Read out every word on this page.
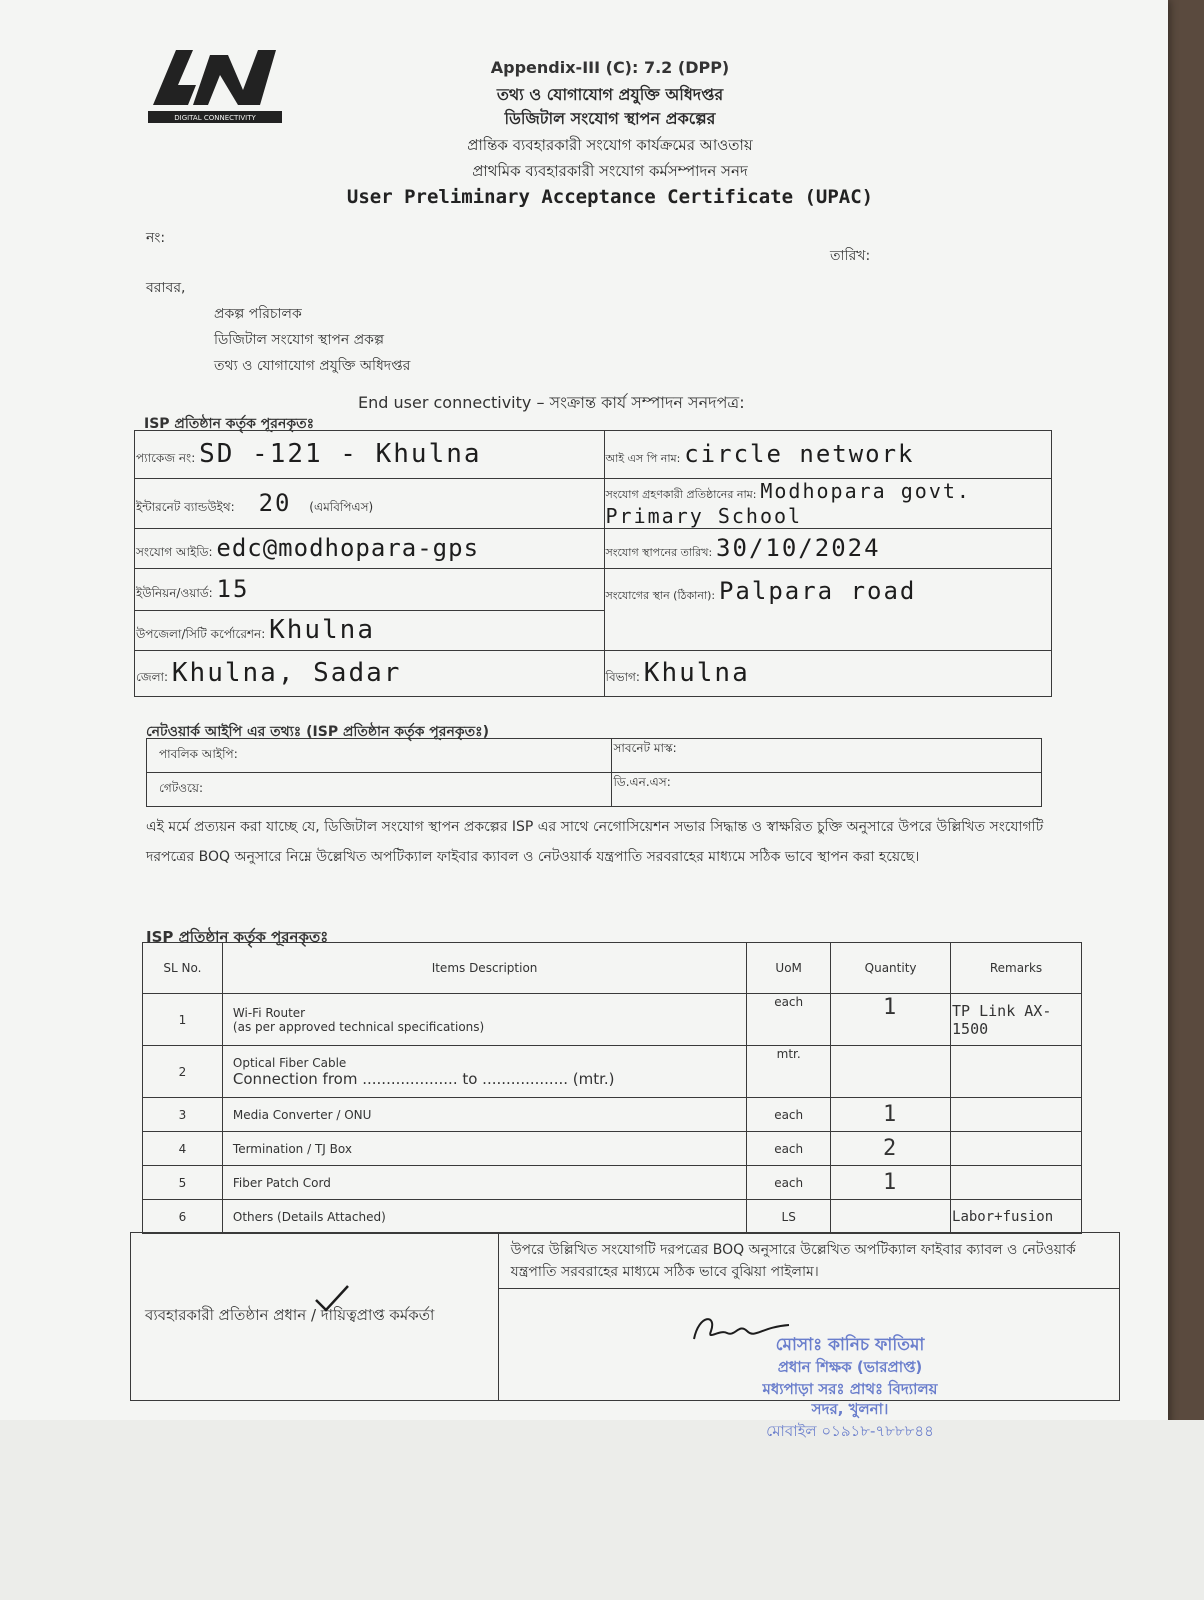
DIGITAL CONNECTIVITY
Appendix-III (C): 7.2 (DPP)
তথ্য ও যোগাযোগ প্রযুক্তি অধিদপ্তর
ডিজিটাল সংযোগ স্থাপন প্রকল্পের
প্রান্তিক ব্যবহারকারী সংযোগ কার্যক্রমের আওতায়
প্রাথমিক ব্যবহারকারী সংযোগ কর্মসম্পাদন সনদ
User Preliminary Acceptance Certificate (UPAC)
নং:
তারিখ:
বরাবর,
প্রকল্প পরিচালক
ডিজিটাল সংযোগ স্থাপন প্রকল্প
তথ্য ও যোগাযোগ প্রযুক্তি অধিদপ্তর
End user connectivity – সংক্রান্ত কার্য সম্পাদন সনদপত্র:
ISP প্রতিষ্ঠান কর্তৃক পূরনকৃতঃ
প্যাকেজ নং: SD -121 - Khulna	আই এস পি নাম: circle network
ইন্টারনেট ব্যান্ডউইথ: 20 (এমবিপিএস)	সংযোগ গ্রহণকারী প্রতিষ্ঠানের নাম: Modhopara govt. Primary School
সংযোগ আইডি: edc@modhopara-gps	সংযোগ স্থাপনের তারিখ: 30/10/2024
ইউনিয়ন/ওয়ার্ড: 15	সংযোগের স্থান (ঠিকানা): Palpara road
উপজেলা/সিটি কর্পোরেশন: Khulna	
জেলা: Khulna, Sadar	বিভাগ: Khulna
নেটওয়ার্ক আইপি এর তথ্যঃ (ISP প্রতিষ্ঠান কর্তৃক পূরনকৃতঃ)
পাবলিক আইপি:	সাবনেট মাস্ক:
গেটওয়ে:	ডি.এন.এস:
এই মর্মে প্রত্যয়ন করা যাচ্ছে যে, ডিজিটাল সংযোগ স্থাপন প্রকল্পের ISP এর সাথে নেগোসিয়েশন সভার সিদ্ধান্ত ও স্বাক্ষরিত চুক্তি অনুসারে উপরে উল্লিখিত সংযোগটি দরপত্রের BOQ অনুসারে নিম্নে উল্লেখিত অপটিক্যাল ফাইবার ক্যাবল ও নেটওয়ার্ক যন্ত্রপাতি সরবরাহের মাধ্যমে সঠিক ভাবে স্থাপন করা হয়েছে।
ISP প্রতিষ্ঠান কর্তৃক পূরনকৃতঃ
SL No.	Items Description	UoM	Quantity	Remarks
1	Wi-Fi Router
(as per approved technical specifications)	each	1	TP Link AX-1500
2	Optical Fiber Cable
Connection from .................... to .................. (mtr.)	mtr.		
3	Media Converter / ONU	each	1	
4	Termination / TJ Box	each	2	
5	Fiber Patch Cord	each	1	
6	Others (Details Attached)	LS		Labor+fusion
ব্যবহারকারী প্রতিষ্ঠান প্রধান / দায়িত্বপ্রাপ্ত কর্মকর্তা	উপরে উল্লিখিত সংযোগটি দরপত্রের BOQ অনুসারে উল্লেখিত অপটিক্যাল ফাইবার ক্যাবল ও নেটওয়ার্ক যন্ত্রপাতি সরবরাহের মাধ্যমে সঠিক ভাবে বুঝিয়া পাইলাম।

মোসাঃ কানিচ ফাতিমা
প্রধান শিক্ষক (ভারপ্রাপ্ত)
মধ্যপাড়া সরঃ প্রাথঃ বিদ্যালয়
সদর, খুলনা।
মোবাইল ০১৯১৮-৭৮৮৮৪৪
